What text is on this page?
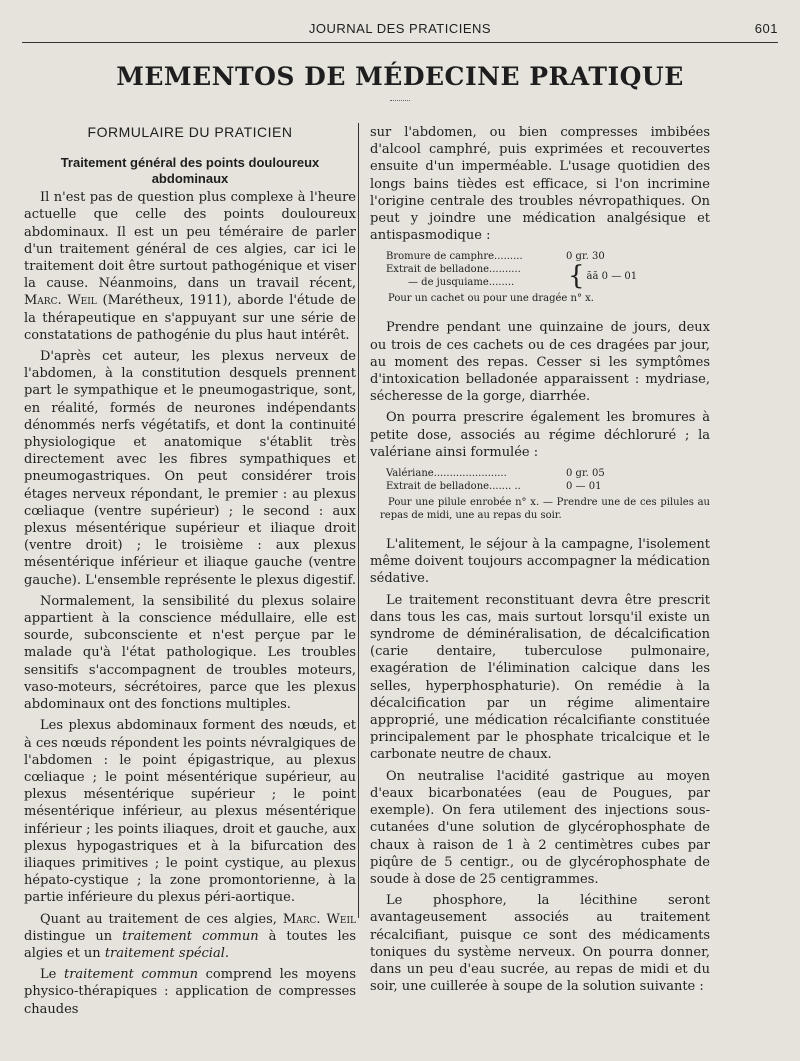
JOURNAL DES PRATICIENS	601
MEMENTOS DE MÉDECINE PRATIQUE
FORMULAIRE DU PRATICIEN
Traitement général des points douloureux abdominaux

Il n'est pas de question plus complexe à l'heure actuelle que celle des points douloureux abdominaux. Il est un peu téméraire de parler d'un traitement général de ces algies, car ici le traitement doit être surtout pathogénique et viser la cause. Néanmoins, dans un travail récent, Marc. Weil (Marétheux, 1911), aborde l'étude de la thérapeutique en s'appuyant sur une série de constatations de pathogénie du plus haut intérêt.

D'après cet auteur, les plexus nerveux de l'abdomen, à la constitution desquels prennent part le sympathique et le pneumogastrique, sont, en réalité, formés de neurones indépendants dénommés nerfs végétatifs, et dont la continuité physiologique et anatomique s'établit très directement avec les fibres sympathiques et pneumogastriques. On peut considérer trois étages nerveux répondant, le premier : au plexus cœliaque (ventre supérieur) ; le second : aux plexus mésentérique supérieur et iliaque droit (ventre droit) ; le troisième : aux plexus mésentérique inférieur et iliaque gauche (ventre gauche). L'ensemble représente le plexus digestif.

Normalement, la sensibilité du plexus solaire appartient à la conscience médullaire, elle est sourde, subconsciente et n'est perçue par le malade qu'à l'état pathologique. Les troubles sensitifs s'accompagnent de troubles moteurs, vaso-moteurs, sécrétoires, parce que les plexus abdominaux ont des fonctions multiples.

Les plexus abdominaux forment des nœuds, et à ces nœuds répondent les points névralgiques de l'abdomen : le point épigastrique, au plexus cœliaque ; le point mésentérique supérieur, au plexus mésentérique supérieur ; le point mésentérique inférieur, au plexus mésentérique inférieur ; les points iliaques, droit et gauche, aux plexus hypogastriques et à la bifurcation des iliaques primitives ; le point cystique, au plexus hépato-cystique ; la zone promontorienne, à la partie inférieure du plexus péri-aortique.

Quant au traitement de ces algies, Marc. Weil distingue un traitement commun à toutes les algies et un traitement spécial.

Le traitement commun comprend les moyens physico-thérapiques : application de compresses chaudes

sur l'abdomen, ou bien compresses imbibées d'alcool camphré, puis exprimées et recouvertes ensuite d'un imperméable. L'usage quotidien des longs bains tièdes est efficace, si l'on incrimine l'origine centrale des troubles névropathiques. On peut y joindre une médication analgésique et antispasmodique :

Bromure de camphre.........	0 gr. 30
Extrait de belladone..........
— de jusquiame........	{ ãã 0 — 01
Pour un cachet ou pour une dragée n° x.

Prendre pendant une quinzaine de jours, deux ou trois de ces cachets ou de ces dragées par jour, au moment des repas. Cesser si les symptômes d'intoxication belladonée apparaissent : mydriase, sécheresse de la gorge, diarrhée.

On pourra prescrire également les bromures à petite dose, associés au régime déchloruré ; la valériane ainsi formulée :

Valériane.......................	0 gr. 05
Extrait de belladone....... ..	0 — 01
Pour une pilule enrobée n° x. — Prendre une de ces pilules au repas de midi, une au repas du soir.

L'alitement, le séjour à la campagne, l'isolement même doivent toujours accompagner la médication sédative.

Le traitement reconstituant devra être prescrit dans tous les cas, mais surtout lorsqu'il existe un syndrome de déminéralisation, de décalcification (carie dentaire, tuberculose pulmonaire, exagération de l'élimination calcique dans les selles, hyperphosphaturie). On remédie à la décalcification par un régime alimentaire approprié, une médication récalcifiante constituée principalement par le phosphate tricalcique et le carbonate neutre de chaux.

On neutralise l'acidité gastrique au moyen d'eaux bicarbonatées (eau de Pougues, par exemple). On fera utilement des injections sous-cutanées d'une solution de glycérophosphate de chaux à raison de 1 à 2 centimètres cubes par piqûre de 5 centigr., ou de glycérophosphate de soude à dose de 25 centigrammes.

Le phosphore, la lécithine seront avantageusement associés au traitement récalcifiant, puisque ce sont des médicaments toniques du système nerveux. On pourra donner, dans un peu d'eau sucrée, au repas de midi et du soir, une cuillerée à soupe de la solution suivante :
